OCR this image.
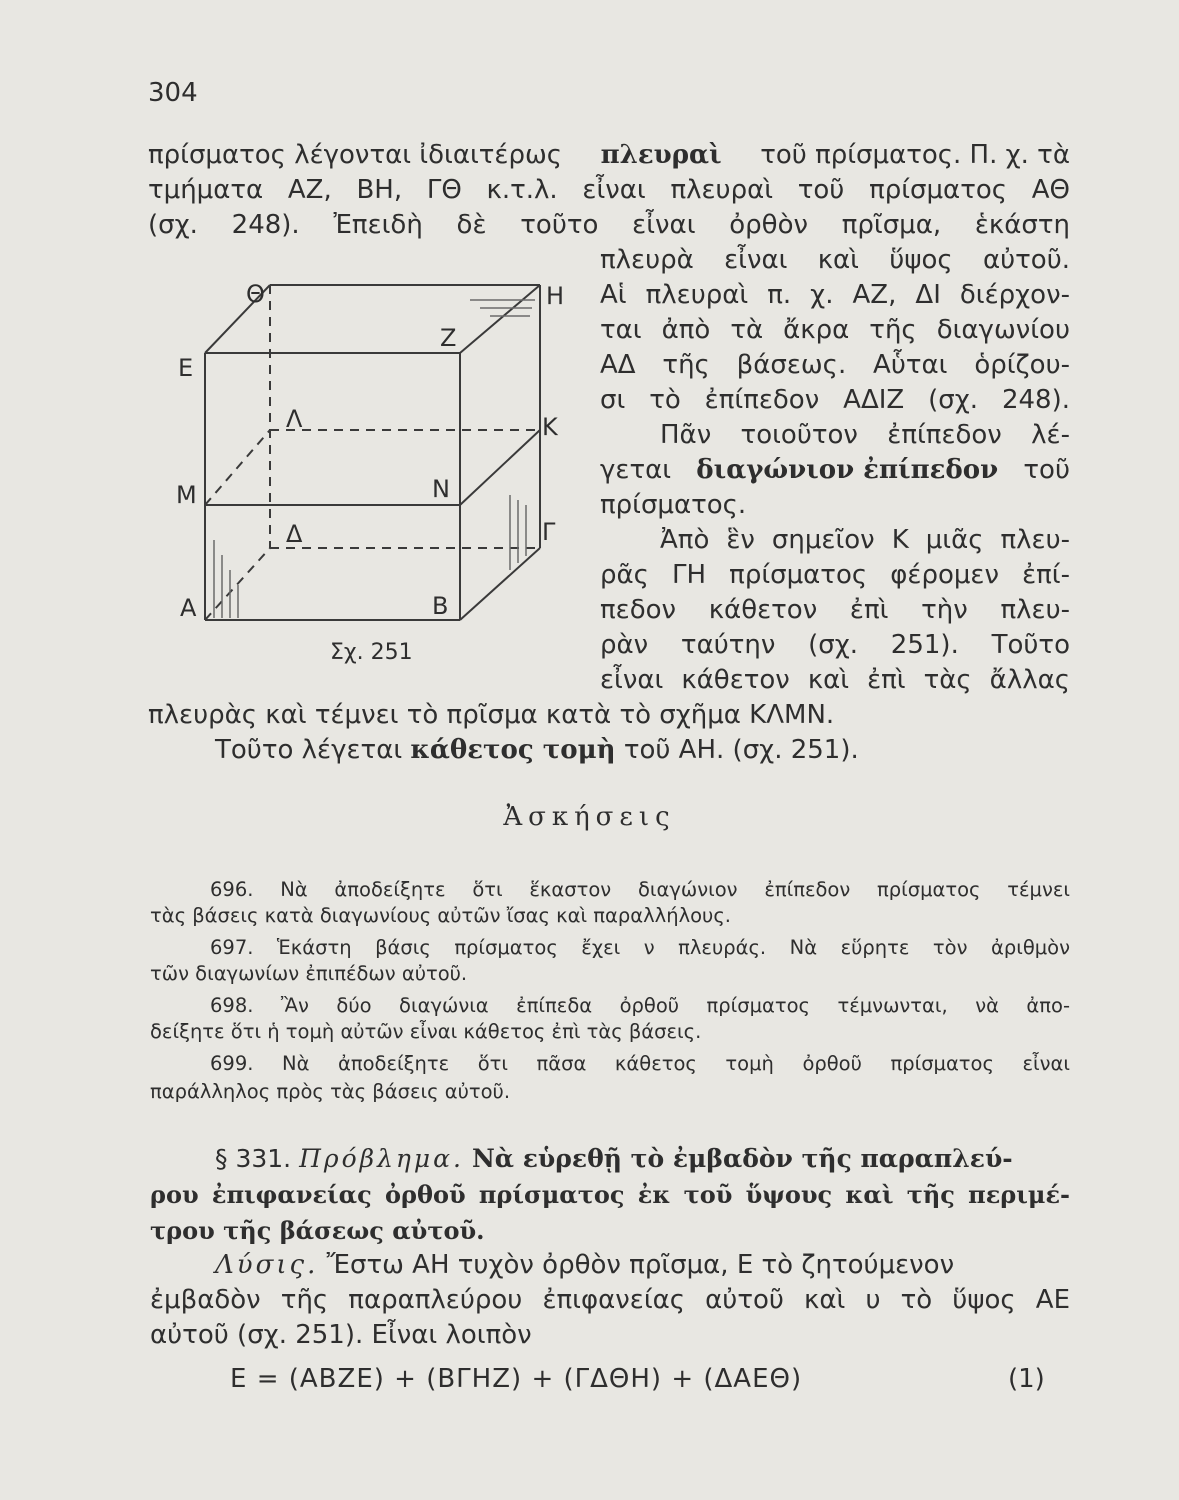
304
πρίσματος λέγονται ἰδιαιτέρως πλευραὶ τοῦ πρίσματος. Π. χ. τὰ
τμήματα ΑΖ, ΒΗ, ΓΘ κ.τ.λ. εἶναι πλευραὶ τοῦ πρίσματος ΑΘ
(σχ. 248). Ἐπειδὴ δὲ τοῦτο εἶναι ὀρθὸν πρῖσμα, ἑκάστη
πλευρὰ εἶναι καὶ ὕψος αὐτοῦ.
Αἱ πλευραὶ π. χ. ΑΖ, ΔΙ διέρχον-
ται ἀπὸ τὰ ἄκρα τῆς διαγωνίου
ΑΔ τῆς βάσεως. Αὗται ὁρίζου-
σι τὸ ἐπίπεδον ΑΔΙΖ (σχ. 248).
Πᾶν τοιοῦτον ἐπίπεδον λέ-
γεται διαγώνιον ἐπίπεδον τοῦ
πρίσματος.
Ἀπὸ ἓν σημεῖον Κ μιᾶς πλευ-
ρᾶς ΓΗ πρίσματος φέρομεν ἐπί-
πεδον κάθετον ἐπὶ τὴν πλευ-
ρὰν ταύτην (σχ. 251). Τοῦτο
εἶναι κάθετον καὶ ἐπὶ τὰς ἄλλας
Θ	Η
Ε
Ζ
Λ	Κ
Μ	Ν
Δ	Γ
Α	Β
Σχ. 251
πλευρὰς καὶ τέμνει τὸ πρῖσμα κατὰ τὸ σχῆμα ΚΛΜΝ.
Τοῦτο λέγεται κάθετος τομὴ τοῦ ΑΗ. (σχ. 251).
Ἀσκήσεις
696. Νὰ ἀποδείξητε ὅτι ἕκαστον διαγώνιον ἐπίπεδον πρίσματος τέμνει
τὰς βάσεις κατὰ διαγωνίους αὐτῶν ἴσας καὶ παραλλήλους.
697. Ἑκάστη βάσις πρίσματος ἔχει ν πλευράς. Νὰ εὕρητε τὸν ἀριθμὸν
τῶν διαγωνίων ἐπιπέδων αὐτοῦ.
698. Ἂν δύο διαγώνια ἐπίπεδα ὀρθοῦ πρίσματος τέμνωνται, νὰ ἀπο-
δείξητε ὅτι ἡ τομὴ αὐτῶν εἶναι κάθετος ἐπὶ τὰς βάσεις.
699. Νὰ ἀποδείξητε ὅτι πᾶσα κάθετος τομὴ ὀρθοῦ πρίσματος εἶναι
παράλληλος πρὸς τὰς βάσεις αὐτοῦ.
§ 331. Πρόβλημα. Νὰ εὑρεθῇ τὸ ἐμβαδὸν τῆς παραπλεύ-
ρου ἐπιφανείας ὀρθοῦ πρίσματος ἐκ τοῦ ὕψους καὶ τῆς περιμέ-
τρου τῆς βάσεως αὐτοῦ.
Λύσις. Ἔστω ΑΗ τυχὸν ὀρθὸν πρῖσμα, Ε τὸ ζητούμενον
ἐμβαδὸν τῆς παραπλεύρου ἐπιφανείας αὐτοῦ καὶ υ τὸ ὕψος ΑΕ
αὐτοῦ (σχ. 251). Εἶναι λοιπὸν
Ε = (ΑΒΖΕ) + (ΒΓΗΖ) + (ΓΔΘΗ) + (ΔΑΕΘ)	(1)
